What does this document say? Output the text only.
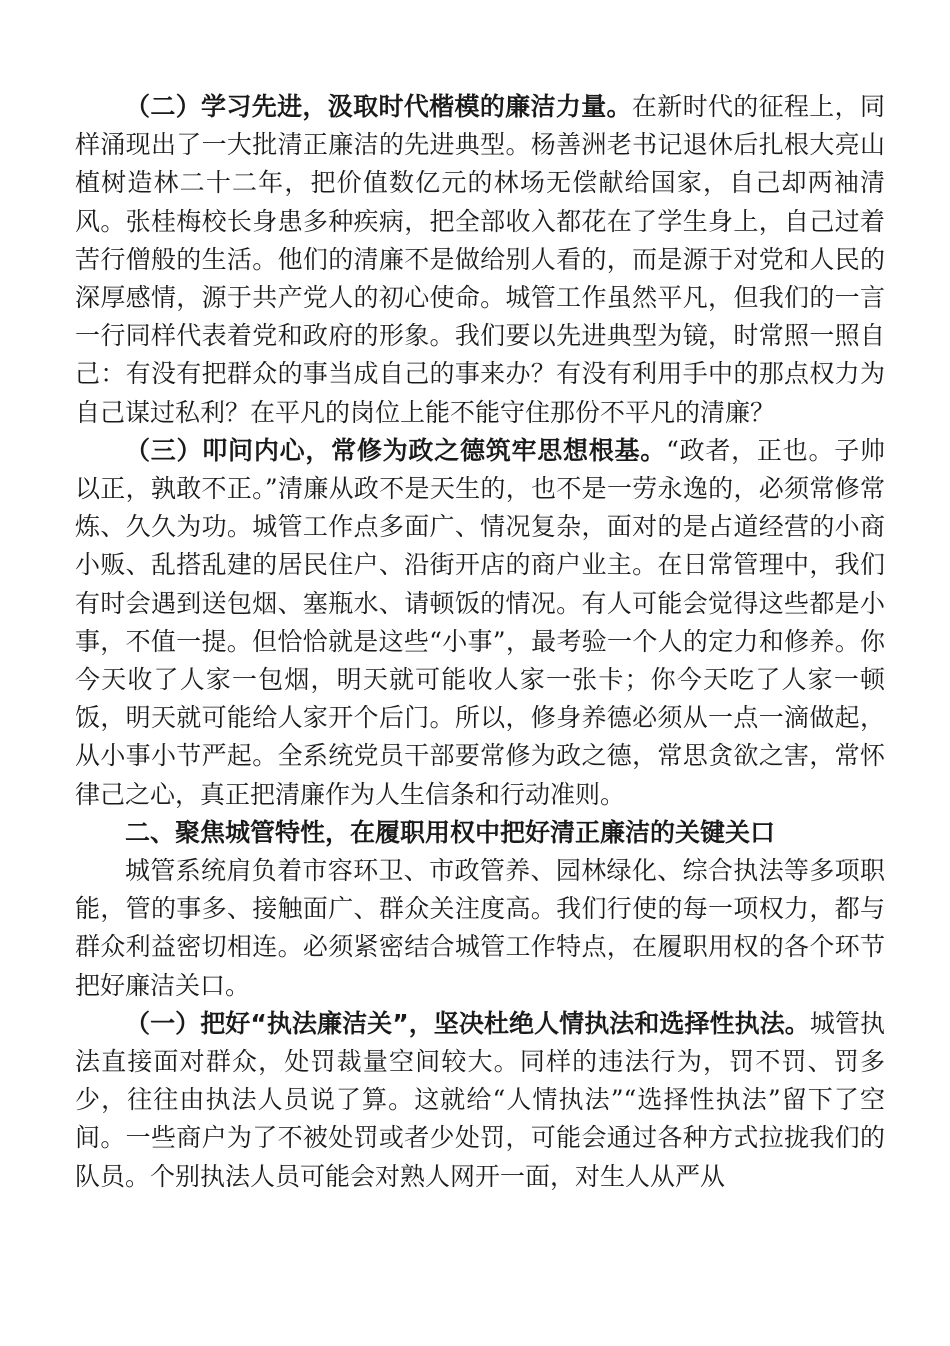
（二）学习先进，汲取时代楷模的廉洁力量。在新时代的征程上，同样涌现出了一大批清正廉洁的先进典型。杨善洲老书记退休后扎根大亮山植树造林二十二年，把价值数亿元的林场无偿献给国家，自己却两袖清风。张桂梅校长身患多种疾病，把全部收入都花在了学生身上，自己过着苦行僧般的生活。他们的清廉不是做给别人看的，而是源于对党和人民的深厚感情，源于共产党人的初心使命。城管工作虽然平凡，但我们的一言一行同样代表着党和政府的形象。我们要以先进典型为镜，时常照一照自己：有没有把群众的事当成自己的事来办？有没有利用手中的那点权力为自己谋过私利？在平凡的岗位上能不能守住那份不平凡的清廉？

（三）叩问内心，常修为政之德筑牢思想根基。“政者，正也。子帅以正，孰敢不正。”清廉从政不是天生的，也不是一劳永逸的，必须常修常炼、久久为功。城管工作点多面广、情况复杂，面对的是占道经营的小商小贩、乱搭乱建的居民住户、沿街开店的商户业主。在日常管理中，我们有时会遇到送包烟、塞瓶水、请顿饭的情况。有人可能会觉得这些都是小事，不值一提。但恰恰就是这些“小事”，最考验一个人的定力和修养。你今天收了人家一包烟，明天就可能收人家一张卡；你今天吃了人家一顿饭，明天就可能给人家开个后门。所以，修身养德必须从一点一滴做起，从小事小节严起。全系统党员干部要常修为政之德，常思贪欲之害，常怀律己之心，真正把清廉作为人生信条和行动准则。

二、聚焦城管特性，在履职用权中把好清正廉洁的关键关口

城管系统肩负着市容环卫、市政管养、园林绿化、综合执法等多项职能，管的事多、接触面广、群众关注度高。我们行使的每一项权力，都与群众利益密切相连。必须紧密结合城管工作特点，在履职用权的各个环节把好廉洁关口。

（一）把好“执法廉洁关”，坚决杜绝人情执法和选择性执法。城管执法直接面对群众，处罚裁量空间较大。同样的违法行为，罚不罚、罚多少，往往由执法人员说了算。这就给“人情执法”“选择性执法”留下了空间。一些商户为了不被处罚或者少处罚，可能会通过各种方式拉拢我们的队员。个别执法人员可能会对熟人网开一面，对生人从严从
